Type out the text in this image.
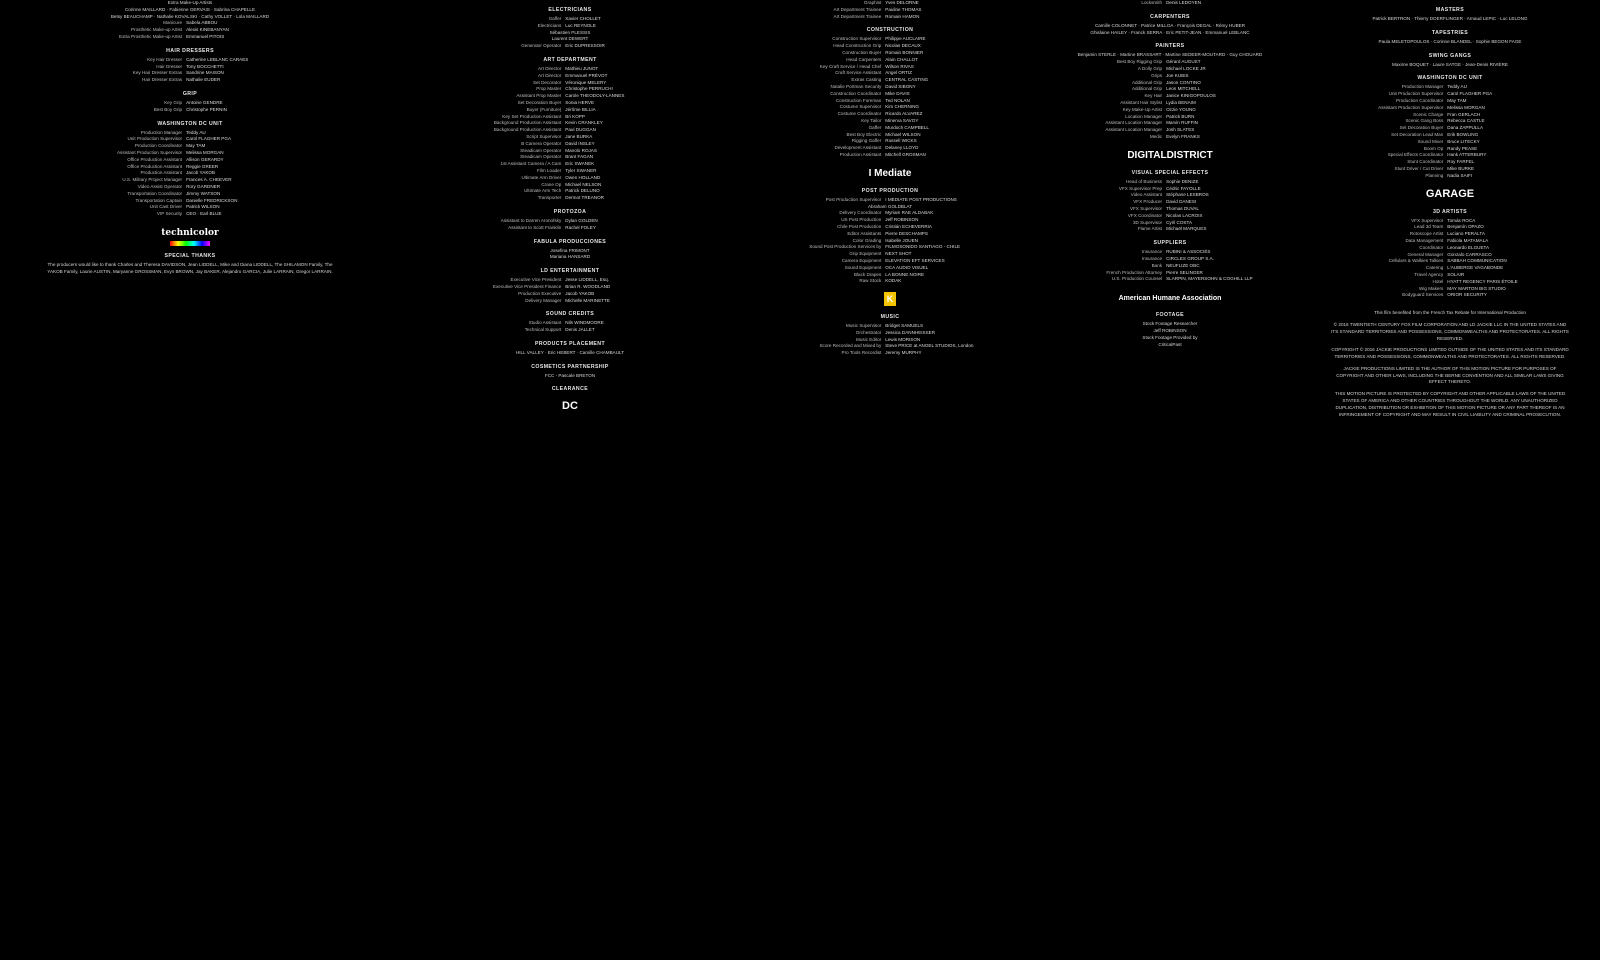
Extra Make-Up Artists
Corinne MAILLARD · Fabienne GERVAIS · Sabrina CHAPELLE
Betsy BEAUCHAMP · Nathalie KOVALSKI · Cathy VOLLET · Lola MAILLARD
Manicure Sabela ABBOU
Prosthetic Make-up Artist Alexis KINEBANYAN
Extra Prosthetic Make-up Artist Emmanuel PITOIS
HAIR DRESSERS
Key Hair Dresser Catherine LEBLANC CARAES
Hair Dresser Tony BOCCHETTI
Key Hair Dresser Extras Sandrine MAISON
Hair Dresser Extras Nathalie EUDER
GRIP
Key Grip Antoine GENDRE
Best Boy Grip Christophe PERNIN
WASHINGTON DC UNIT
Production Manager Teddy AU
Unit Production Supervisor Carol FLAGHER PGA
Production Coordinator May TAM
Assistant Production Supervisor Melissa MORGAN
Office Production Assistant Allison GERARDY
Office Production Assistant Reggie GREER
Production Assistant Jacob YAKOB
U.S. Military Project Manager Frances A. CHEEVER
Video Assist Operator Rory GARDNER
Transportation Coordinator Jimmy WATSON
Transportation Captain Danielle FREDRICKSON
Unit Cast Driver Patrick WILSON
VIP Security CEO · Earl BLUE
technicolor
SPECIAL THANKS
The producers would like to thank Charles and Theresa DAVIDSON, Jean LIDDELL, Mike and Diana LIDDELL, The SHILAMON Family, The YAKOB Family, Laurie AUSTIN, Maryanne GROSSMAN, Evyn BROWN, Jay BAKER, Alejandro GARCIA, Julie LARRAIN, Gregor LARRAIN.
ELECTRICIANS
Gaffer Xavier CHOLLET
Electricians Luc REYNOLE
Sébastien PLESSIS
Laurent DEWERT
Generator Operator Eric DUPRESSOIR
ART DEPARTMENT
Art Director Mathieu JUNOT
Art Director Emmanuel PRÉVOT
Set Decorator Véronique MELERY
Prop Master Christophe PERRUCHI
Assistant Prop Master Carole THEODOLY-LANNES
Set Decoration Buyer Sonia HERVE
Buyer (Furniture) Jérôme BILLIA
Key Set Production Assistant Bri KOPP
Background Production Assistant Kevin CRANKLEY
Background Production Assistant Paul DUGGAN
Script Supervisor Jane BURKA
B Camera Operator David INSLEY
Steadicam Operator Manolo ROJAS
Steadicam Operator Brant FAGAN
1st Assistant Camera / A Cam Eric SWANEK
Film Loader Tyler SWANER
Ultimate Arm Driver Owen HOLLAND
Crane Op Michael NELSON
Ultimate Arm Tech Patrick DELUNO
Transporter Dermot TREANOR
PROTOZOA
Assistant to Darren Aronofsky Dylan GOLDEN
Assistant to Scott Franklin Rachel FOLEY
FABULA PRODUCCIONES
Josefina FRIMONT
Mariana HANSARD
LD ENTERTAINMENT
Executive Vice President Jesse LIDDELL, Esq.
Executive Vice President Finance Brian R. WOODLAND
Production Executive Jacob YAKOB
Delivery Manager Michelle MARINETTE
SOUND CREDITS
Studio Assistant Nils WINDMOORE
Technical Support Denis JALLET
PRODUCTS PLACEMENT
HILL VALLEY · Eric HEBERT · Camille CHAMBAULT
COSMETICS PARTNERSHIP
FCC - Pascale BRETON
CLEARANCE
DC
Graphist Yves DELORNE
Art Department Trainee Pauline THOMAS
Art Department Trainee Romain HAMON
CONSTRUCTION
Construction Supervisor Philippe AUCLAIRE
Head Construction Grip Nicolas DECAUX
Construction Buyer Romain BONNIER
Head Carpenters Alain CHALLOT
Key Craft Service / Head Chef Wilson RIVAS
Craft Service Assistant Angel ORTIZ
Extras Casting CENTRAL CASTING
Natalie Portman Security David SIBONY
Construction Coordinator Mike DAVIS
Construction Foreman Ted NOLAN
Costume Supervisor Kim CHERNING
Costume Coordinator Ricardo ALVAREZ
Key Tailor Minerva SAVOY
Gaffer Murdoch CAMPBELL
Best Boy Electric Michael WILSON
Rigging Gaffer Russell WICKS
Development Assistant Delaney LLOYD
Production Assistant Mitchell GROSMAN
I Mediate
POST PRODUCTION
Post Production Supervisor I MEDIATE POST PRODUCTIONS
Abraham GOLDBLAT
Delivery Coordinator Myriam RAE ALDABAK
US Post Production Jeff ROBINSON
Chile Post Production Cristián ECHEVERRIA
Editor Assistants Pierre DESCHAMPS
Color Grading Isabelle JOUEN
Sound Post Production Services by FILMOSONIDO SANTIAGO - CHILE
Grip Equipment NEXT SHOT
Camera Equipment ELEVATION EFT SERVICES
Sound Equipment OCA AUDIO VISUEL
Black Drapes LA BONNE NOIRE
Raw Stock KODAK
K
MUSIC
Music Supervisor Bridget SAMUELS
Orchestrator Jessica DANNHEISSER
Music Editor Lewis MORISON
Score Recorded and Mixed by Steve PRICE at ANGEL STUDIOS, London
Pro Tools Recordist Jeremy MURPHY
Locksmith Denis LEDOYEN
CARPENTERS
Camille COLONNET · Patrice MILLOA · François DEGAL · Rémy HUBER
Ghislaine HAILEY · Franck SERRA · Eric PETIT-JEAN · Emmanuel LEBLANC
PAINTERS
Benjamin STERLE · Martine BRASSART · Martine SEDEER-MOUTARD · Guy CHOUARD
Best Boy Rigging Grip Gérard AUGUST
A Dolly Grip Michael LOCKE JR
Grips Joe KUBIS
Additional Grip Jason CONTINO
Additional Grip Leon MITCHELL
Key Hair Janice KINIGOPOULOS
Assistant Hair Stylist Lydia BENAIM
Key Make-Up Artist Ozzie YOUNG
Location Manager Patrick BURN
Assistant Location Manager Marvin RUFFIN
Assistant Location Manager Josh SLATES
Medic Evelyn FRANKS
DIGITALDISTRICT
VISUAL SPECIAL EFFECTS
Head of Business Sophie DENIZE
VFX Supervisor Prep Cédric FAYOLLE
Video Assistant Stéphane LESBROS
VFX Producer David DANESI
VFX Supervisor Thomas DUVAL
VFX Coordinator Nicolas LACROIX
3D Supervisor Cyril COSTA
Flame Artist Michaël MARQUES
SUPPLIERS
Insurance RUBINI & ASSOCIÉS
Insurance CIRCLES GROUP S.A.
Bank NEUFLIZE OBC
French Production Attorney Pierre SELINGER
U.S. Production Counsel SLARPIN, MAYERSOHN & COGHILL LLP
American Humane Association
FOOTAGE
Stock Footage Researcher
Jeff ROBINSON
Stock Footage Provided by
CriticalPast
MASTERS
Patrick BERTRON · Thierry DOERFLINGER · Arnaud LEPIC · Luc LELONG
TAPESTRIES
Paula MELETOPOULOS · Corinne BLANDEL · Sophie BEGON FAGE
SWING GANGS
Maxime BOQUET · Laure SATGE · Jean-Denis RIVIÈRE
WASHINGTON DC UNIT
Production Manager Teddy AU
Unit Production Supervisor Carol FLAGHER PGA
Production Coordinator May TAM
Assistant Production Supervisor Melissa MORGAN
Scenic Charge Fran GERLACH
Scenic Gang Boss Rebecca CASTLE
Set Decoration Buyer Dana ZAPPULLA
Set Decoration Lead Man Erik BOWLING
Sound Mixer Bruce LITECKY
Boom Op Randy PEASE
Special Effects Coordinator Hank ATTERBURY
Stunt Coordinator Roy FARFEL
Stunt Driver / Cut Driver Mike BURKE
Planning Nadia SAIFI
GARAGE
3D ARTISTS
VFX Supervisor Tomás ROCA
Lead 3d Team Benjamín OPAZO
Rotoscope Artist Luciano PERALTA
Data Management Fabiola MATAMALA
Coordinator Leonardo ELGUETA
General Manager Gonzalo CARRASCO
Cellulars & Walkies Talkies SABBAH COMMUNICATION
Catering L'AUBERGE VAGABONDE
Travel Agency SOLAIR
Hotel HYATT REGENCY PARIS ÉTOILE
Wig Makers MAY MARTON BIG STUDIO
Bodyguard Services ORIOR SECURITY
This film benefited from the French Tax Rebate for International Production
© 2016 TWENTIETH CENTURY FOX FILM CORPORATION AND LD JACKIE LLC IN THE UNITED STATES AND ITS STANDARD TERRITORIES AND POSSESSIONS, COMMONWEALTHS AND PROTECTORATES. ALL RIGHTS RESERVED.
COPYRIGHT © 2016 JACKIE PRODUCTIONS LIMITED OUTSIDE OF THE UNITED STATES AND ITS STANDARD TERRITORIES AND POSSESSIONS, COMMONWEALTHS AND PROTECTORATES. ALL RIGHTS RESERVED.
JACKIE PRODUCTIONS LIMITED IS THE AUTHOR OF THIS MOTION PICTURE FOR PURPOSES OF COPYRIGHT AND OTHER LAWS, INCLUDING THE BERNE CONVENTION AND ALL SIMILAR LAWS GIVING EFFECT THERETO.
THIS MOTION PICTURE IS PROTECTED BY COPYRIGHT AND OTHER APPLICABLE LAWS OF THE UNITED STATES OF AMERICA AND OTHER COUNTRIES THROUGHOUT THE WORLD. ANY UNAUTHORIZED DUPLICATION, DISTRIBUTION OR EXHIBITION OF THIS MOTION PICTURE OR ANY PART THEREOF IS AN INFRINGEMENT OF COPYRIGHT AND MAY RESULT IN CIVIL LIABILITY AND CRIMINAL PROSECUTION.
